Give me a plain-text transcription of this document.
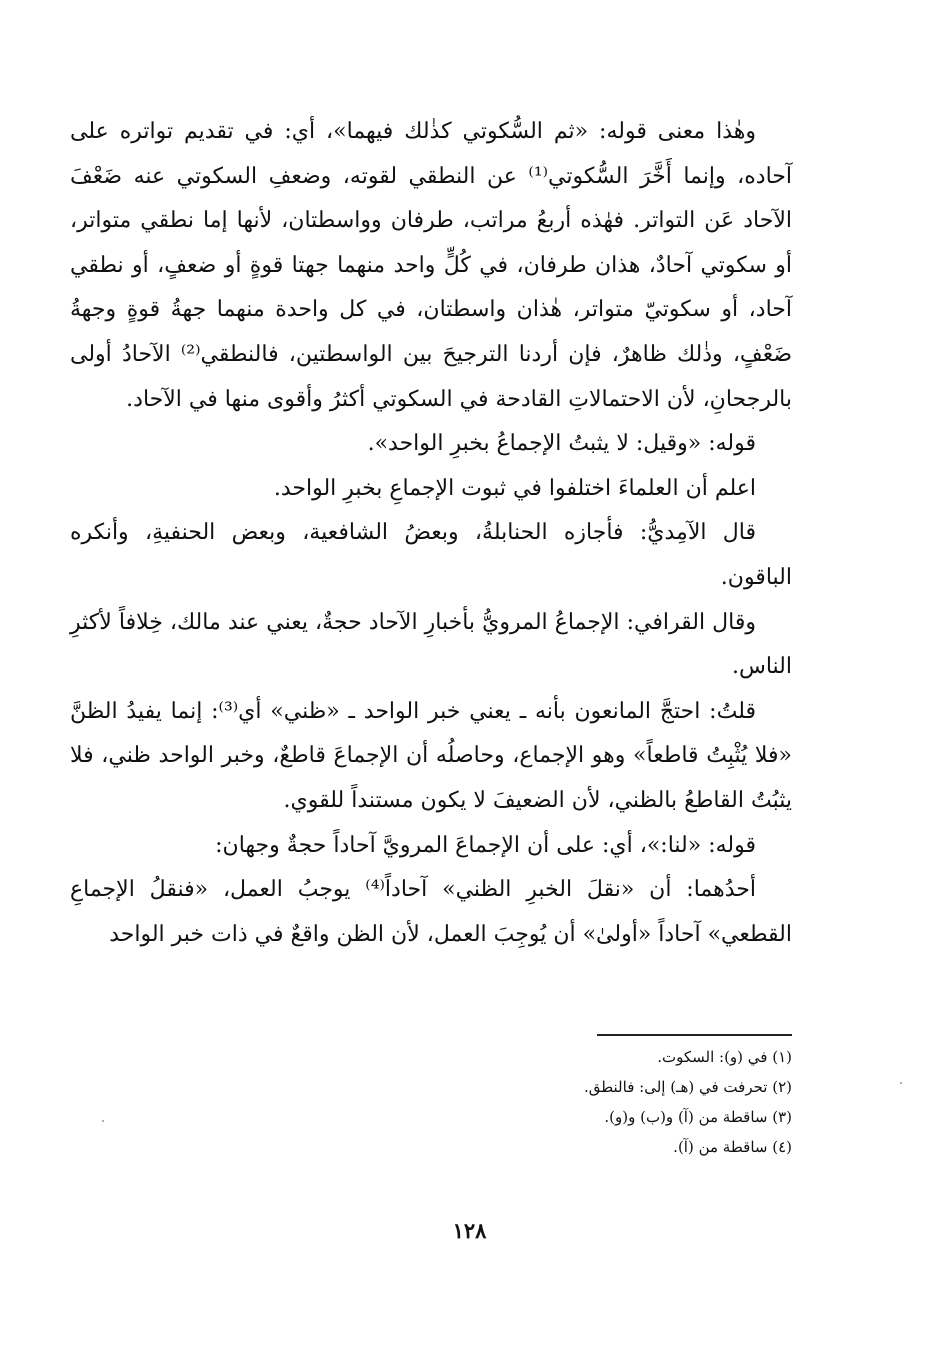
وهٰذا معنى قوله: «ثم السُّكوتي كذٰلك فيهما»، أي: في تقديم تواتره على آحاده، وإنما أَخَّرَ السُّكوتي⁽¹⁾ عن النطقي لقوته، وضعفِ السكوتي عنه ضَعْفَ الآحاد عَن التواتر. فهٰذه أربعُ مراتب، طرفان وواسطتان، لأنها إما نطقي متواتر، أو سكوتي آحادٌ، هذان طرفان، في كُلٍّ واحد منهما جهتا قوةٍ أو ضعفٍ، أو نطقي آحاد، أو سكوتيّ متواتر، هٰذان واسطتان، في كل واحدة منهما جهةُ قوةٍ وجهةُ ضَعْفٍ، وذٰلك ظاهرٌ، فإن أردنا الترجيحَ بين الواسطتين، فالنطقي⁽²⁾ الآحادُ أولى بالرجحانِ، لأن الاحتمالاتِ القادحة في السكوتي أكثرُ وأقوى منها في الآحاد.

قوله: «وقيل: لا يثبتُ الإجماعُ بخبرِ الواحد».

اعلم أن العلماءَ اختلفوا في ثبوت الإجماعِ بخبرِ الواحد.

قال الآمِديُّ: فأجازه الحنابلةُ، وبعضُ الشافعية، وبعض الحنفيةِ، وأنكره الباقون.

وقال القرافي: الإجماعُ المرويُّ بأخبارِ الآحاد حجةٌ، يعني عند مالك، خِلافاً لأكثرِ الناس.

قلتُ: احتجَّ المانعون بأنه ـ يعني خبر الواحد ـ «ظني» أي⁽³⁾: إنما يفيدُ الظنَّ «فلا يُثْبِتُ قاطعاً» وهو الإجماع، وحاصلُه أن الإجماعَ قاطعٌ، وخبر الواحد ظني، فلا يثبُتُ القاطعُ بالظني، لأن الضعيفَ لا يكون مستنداً للقوي.

قوله: «لنا:»، أي: على أن الإجماعَ المرويَّ آحاداً حجةٌ وجهان:

أحدُهما: أن «نقلَ الخبرِ الظني» آحاداً⁽⁴⁾ يوجبُ العمل، «فنقلُ الإجماعِ القطعي» آحاداً «أولىٰ» أن يُوجِبَ العمل، لأن الظن واقعٌ في ذات خبر الواحد

(١) في (و): السكوت.

(٢) تحرفت في (هـ) إلى: فالنطق.

(٣) ساقطة من (آ) و(ب) و(و).

(٤) ساقطة من (آ).

١٢٨
